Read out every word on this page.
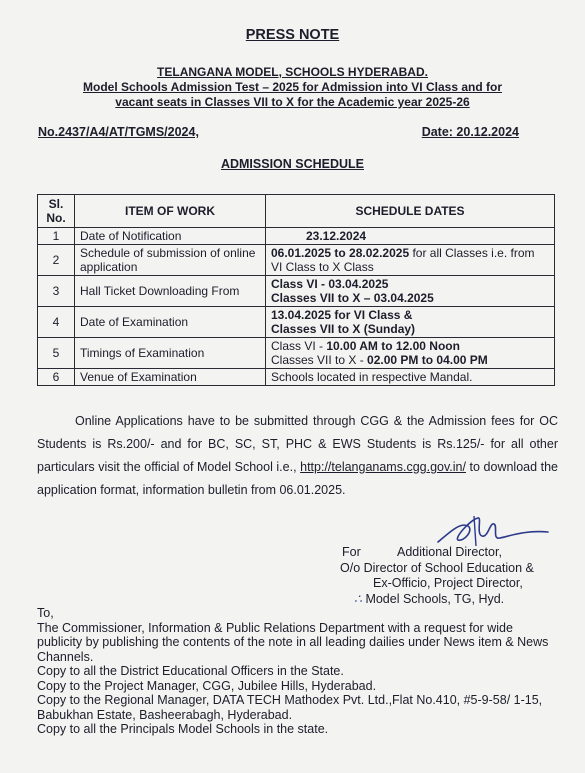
PRESS NOTE
TELANGANA MODEL, SCHOOLS HYDERABAD.
Model Schools Admission Test – 2025 for Admission into VI Class and for
vacant seats in Classes VII to X for the Academic year 2025-26
No.2437/A4/AT/TGMS/2024,	Date: 20.12.2024
ADMISSION SCHEDULE
Sl. No.	ITEM OF WORK	SCHEDULE DATES
1	Date of Notification	23.12.2024
2	Schedule of submission of online application	06.01.2025 to 28.02.2025 for all Classes i.e. from VI Class to X Class
3	Hall Ticket Downloading From	Class VI - 03.04.2025
Classes VII to X – 03.04.2025

4	Date of Examination	13.04.2025 for VI Class &
Classes VII to X (Sunday)

5	Timings of Examination	Class VI - 10.00 AM to 12.00 Noon
Classes VII to X - 02.00 PM to 04.00 PM

6	Venue of Examination	Schools located in respective Mandal.
Online Applications have to be submitted through CGG & the Admission fees for OC Students is Rs.200/- and for BC, SC, ST, PHC & EWS Students is Rs.125/- for all other particulars visit the official of Model School i.e., http://telanganams.cgg.gov.in/ to download the application format, information bulletin from 06.01.2025.
For	Additional Director,
O/o Director of School Education &
Ex-Officio, Project Director,
∴ Model Schools, TG, Hyd.

To,

The Commissioner, Information & Public Relations Department with a request for wide publicity by publishing the contents of the note in all leading dailies under News item & News Channels.

Copy to all the District Educational Officers in the State.

Copy to the Project Manager, CGG, Jubilee Hills, Hyderabad.

Copy to the Regional Manager, DATA TECH Mathodex Pvt. Ltd.,Flat No.410, #5-9-58/ 1-15, Babukhan Estate, Basheerabagh, Hyderabad.

Copy to all the Principals Model Schools in the state.
